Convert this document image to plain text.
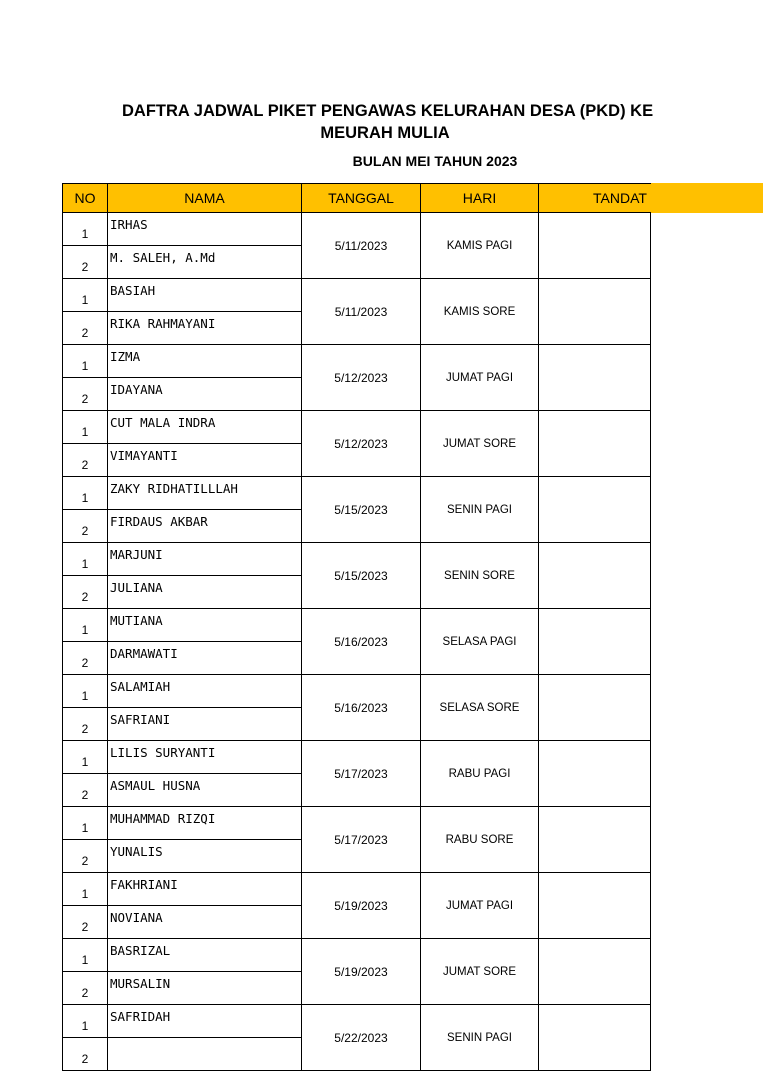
DAFTRA JADWAL PIKET PENGAWAS KELURAHAN DESA (PKD) KE
MEURAH MULIA
BULAN MEI TAHUN 2023
NO	NAMA	TANGGAL	HARI	TANDAT	
1	IRHAS	5/11/2023	KAMIS PAGI		
2	M. SALEH, A.Md				
1	BASIAH	5/11/2023	KAMIS SORE		
2	RIKA RAHMAYANI				
1	IZMA	5/12/2023	JUMAT PAGI		
2	IDAYANA				
1	CUT MALA INDRA	5/12/2023	JUMAT SORE		
2	VIMAYANTI				
1	ZAKY RIDHATILLLAH	5/15/2023	SENIN PAGI		
2	FIRDAUS AKBAR				
1	MARJUNI	5/15/2023	SENIN SORE		
2	JULIANA				
1	MUTIANA	5/16/2023	SELASA PAGI		
2	DARMAWATI				
1	SALAMIAH	5/16/2023	SELASA SORE		
2	SAFRIANI				
1	LILIS SURYANTI	5/17/2023	RABU PAGI		
2	ASMAUL HUSNA				
1	MUHAMMAD RIZQI	5/17/2023	RABU SORE		
2	YUNALIS				
1	FAKHRIANI	5/19/2023	JUMAT PAGI		
2	NOVIANA				
1	BASRIZAL	5/19/2023	JUMAT SORE		
2	MURSALIN				
1	SAFRIDAH	5/22/2023	SENIN PAGI		
2					
